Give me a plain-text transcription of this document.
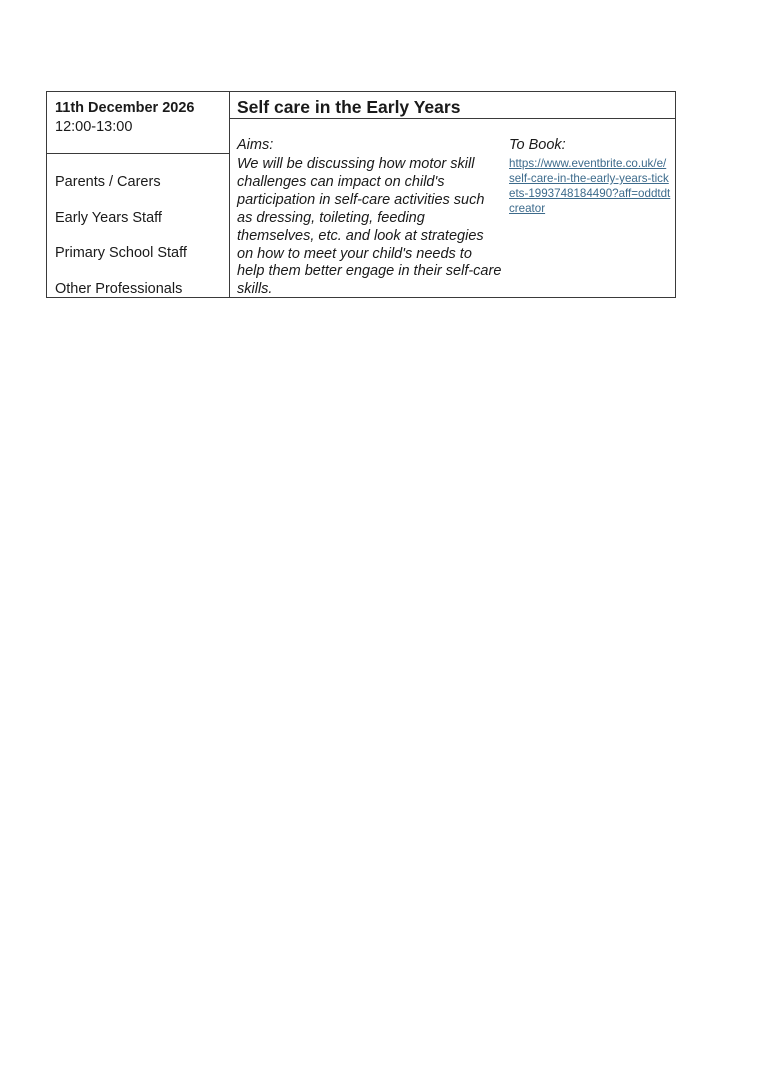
11th December 2026
12:00-13:00
Parents / Carers
Early Years Staff
Primary School Staff
Other Professionals
Self care in the Early Years
Aims:
We will be discussing how motor skill challenges can impact on child's participation in self-care activities such as dressing, toileting, feeding themselves, etc. and look at strategies on how to meet your child's needs to help them better engage in their self-care skills.
To Book:
https://www.eventbrite.co.uk/e/self-care-in-the-early-years-tickets-1993748184490?aff=oddtdtcreator
